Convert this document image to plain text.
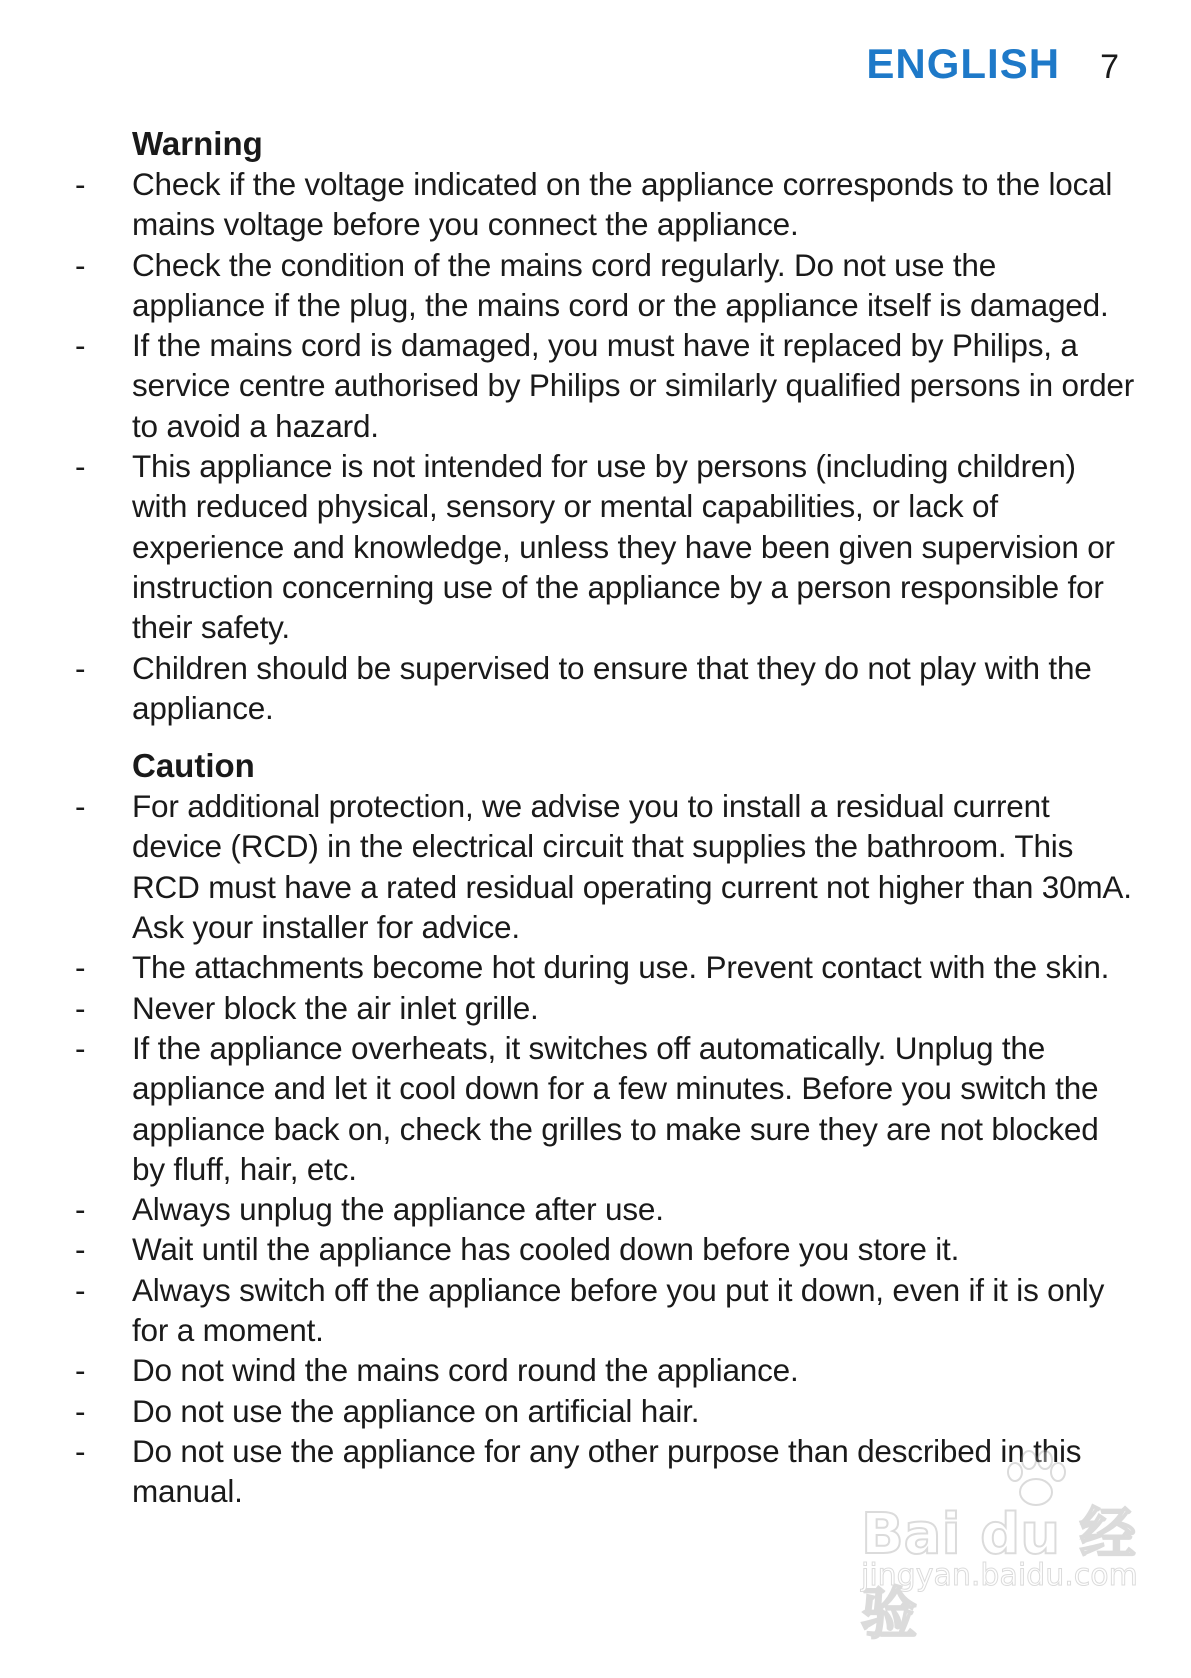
ENGLISH 7
Warning
-	Check if the voltage indicated on the appliance corresponds to the local mains voltage before you connect the appliance.
-	Check the condition of the mains cord regularly. Do not use the appliance if the plug, the mains cord or the appliance itself is damaged.
-	If the mains cord is damaged, you must have it replaced by Philips, a service centre authorised by Philips or similarly qualified persons in order to avoid a hazard.
-	This appliance is not intended for use by persons (including children) with reduced physical, sensory or mental capabilities, or lack of experience and knowledge, unless they have been given supervision or instruction concerning use of the appliance by a person responsible for their safety.
-	Children should be supervised to ensure that they do not play with the appliance.
Caution
-	For additional protection, we advise you to install a residual current device (RCD) in the electrical circuit that supplies the bathroom. This RCD must have a rated residual operating current not higher than 30mA. Ask your installer for advice.
-	The attachments become hot during use. Prevent contact with the skin.
-	Never block the air inlet grille.
-	If the appliance overheats, it switches off automatically. Unplug the appliance and let it cool down for a few minutes. Before you switch the appliance back on, check the grilles to make sure they are not blocked by fluff, hair, etc.
-	Always unplug the appliance after use.
-	Wait until the appliance has cooled down before you store it.
-	Always switch off the appliance before you put it down, even if it is only for a moment.
-	Do not wind the mains cord round the appliance.
-	Do not use the appliance on artificial hair.
-	Do not use the appliance for any other purpose than described in this manual.
Bai du 经验
jingyan.baidu.com
